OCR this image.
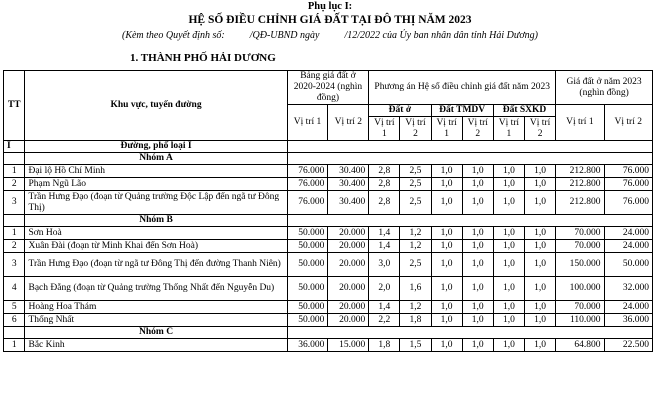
Phụ lục I:
HỆ SỐ ĐIỀU CHỈNH GIÁ ĐẤT TẠI ĐÔ THỊ NĂM 2023
(Kèm theo Quyết định số:          /QĐ-UBND ngày          /12/2022 của Ủy ban nhân dân tỉnh Hải Dương)
1. THÀNH PHỐ HẢI DƯƠNG
TT	Khu vực, tuyến đường	Bảng giá đất ở 2020-2024 (nghìn đồng)		Phương án Hệ số điều chỉnh giá đất năm 2023						Giá đất ở năm 2023 (nghìn đồng)	
		Vị trí 1	Vị trí 2	Đất ở		Đất TMDV		Đất SXKD		Vị trí 1	Vị trí 2
				Vị trí 1	Vị trí 2	Vị trí 1	Vị trí 2	Vị trí 1	Vị trí 2		
I	Đường, phố loại I										
	Nhóm A										
1	Đại lộ Hồ Chí Minh	76.000	30.400	2,8	2,5	1,0	1,0	1,0	1,0	212.800	76.000
2	Phạm Ngũ Lão	76.000	30.400	2,8	2,5	1,0	1,0	1,0	1,0	212.800	76.000
3	Trần Hưng Đạo (đoạn từ Quảng trường Độc Lập đến ngã tư Đông Thị)	76.000	30.400	2,8	2,5	1,0	1,0	1,0	1,0	212.800	76.000
	Nhóm B										
1	Sơn Hoà	50.000	20.000	1,4	1,2	1,0	1,0	1,0	1,0	70.000	24.000
2	Xuân Đài (đoạn từ Minh Khai đến Sơn Hoà)	50.000	20.000	1,4	1,2	1,0	1,0	1,0	1,0	70.000	24.000
3	Trần Hưng Đạo (đoạn từ ngã tư Đông Thị đến đường Thanh Niên)	50.000	20.000	3,0	2,5	1,0	1,0	1,0	1,0	150.000	50.000
4	Bạch Đằng (đoạn từ Quảng trường Thống Nhất đến Nguyễn Du)	50.000	20.000	2,0	1,6	1,0	1,0	1,0	1,0	100.000	32.000
5	Hoàng Hoa Thám	50.000	20.000	1,4	1,2	1,0	1,0	1,0	1,0	70.000	24.000
6	Thống Nhất	50.000	20.000	2,2	1,8	1,0	1,0	1,0	1,0	110.000	36.000
	Nhóm C										
1	Bắc Kinh	36.000	15.000	1,8	1,5	1,0	1,0	1,0	1,0	64.800	22.500
